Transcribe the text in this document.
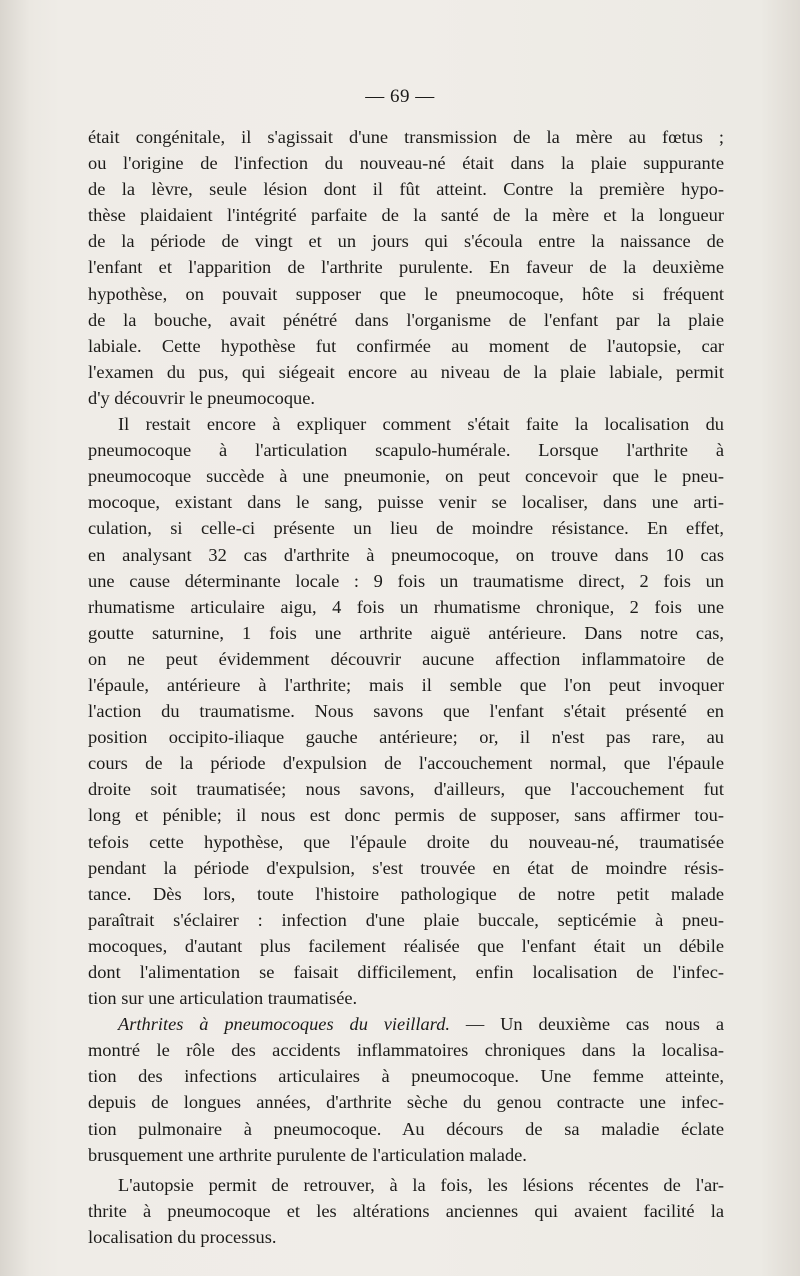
— 69 —

était congénitale, il s'agissait d'une transmission de la mère au fœtus ;
ou l'origine de l'infection du nouveau-né était dans la plaie suppurante
de la lèvre, seule lésion dont il fût atteint. Contre la première hypo-
thèse plaidaient l'intégrité parfaite de la santé de la mère et la longueur
de la période de vingt et un jours qui s'écoula entre la naissance de
l'enfant et l'apparition de l'arthrite purulente. En faveur de la deuxième
hypothèse, on pouvait supposer que le pneumocoque, hôte si fréquent
de la bouche, avait pénétré dans l'organisme de l'enfant par la plaie
labiale. Cette hypothèse fut confirmée au moment de l'autopsie, car
l'examen du pus, qui siégeait encore au niveau de la plaie labiale, permit
d'y découvrir le pneumocoque.

Il restait encore à expliquer comment s'était faite la localisation du
pneumocoque à l'articulation scapulo-humérale. Lorsque l'arthrite à
pneumocoque succède à une pneumonie, on peut concevoir que le pneu-
mocoque, existant dans le sang, puisse venir se localiser, dans une arti-
culation, si celle-ci présente un lieu de moindre résistance. En effet,
en analysant 32 cas d'arthrite à pneumocoque, on trouve dans 10 cas
une cause déterminante locale : 9 fois un traumatisme direct, 2 fois un
rhumatisme articulaire aigu, 4 fois un rhumatisme chronique, 2 fois une
goutte saturnine, 1 fois une arthrite aiguë antérieure. Dans notre cas,
on ne peut évidemment découvrir aucune affection inflammatoire de
l'épaule, antérieure à l'arthrite; mais il semble que l'on peut invoquer
l'action du traumatisme. Nous savons que l'enfant s'était présenté en
position occipito-iliaque gauche antérieure; or, il n'est pas rare, au
cours de la période d'expulsion de l'accouchement normal, que l'épaule
droite soit traumatisée; nous savons, d'ailleurs, que l'accouchement fut
long et pénible; il nous est donc permis de supposer, sans affirmer tou-
tefois cette hypothèse, que l'épaule droite du nouveau-né, traumatisée
pendant la période d'expulsion, s'est trouvée en état de moindre résis-
tance. Dès lors, toute l'histoire pathologique de notre petit malade
paraîtrait s'éclairer : infection d'une plaie buccale, septicémie à pneu-
mocoques, d'autant plus facilement réalisée que l'enfant était un débile
dont l'alimentation se faisait difficilement, enfin localisation de l'infec-
tion sur une articulation traumatisée.

Arthrites à pneumocoques du vieillard. — Un deuxième cas nous a
montré le rôle des accidents inflammatoires chroniques dans la localisa-
tion des infections articulaires à pneumocoque. Une femme atteinte,
depuis de longues années, d'arthrite sèche du genou contracte une infec-
tion pulmonaire à pneumocoque. Au décours de sa maladie éclate
brusquement une arthrite purulente de l'articulation malade.

L'autopsie permit de retrouver, à la fois, les lésions récentes de l'ar-
thrite à pneumocoque et les altérations anciennes qui avaient facilité la
localisation du processus.
